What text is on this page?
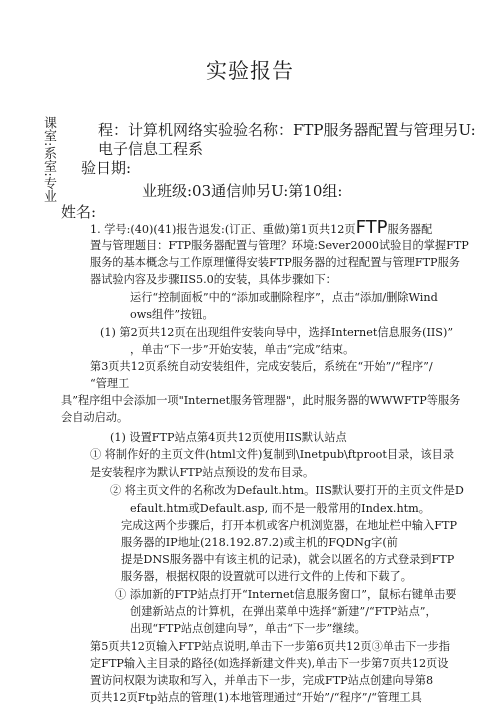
实验报告
课室:系室:专业	程：计算机网络实验验名称：FTP服务器配置与管理另U:
电子信息工程系
验日期:
业班级:03通信帅另U:第10组:
姓名:
1. 学号:(40)(41)报告退发:(订正、重做)第1页共12页FTP服务器配
置与管理题目：FTP服务器配置与管理？环境:Sever2000试验目的掌握FTP
服务的基本概念与工作原理懂得安装FTP服务器的过程配置与管理FTP服务
器试验内容及步骤IIS5.0的安装，具体步骤如下：
运行“控制面板”中的“添加或删除程序”，点击“添加/删除Wind
ows组件”按钮。
(1) 第2页共12页在出现组件安装向导中，选择Internet信息服务(IIS)”
，单击“下一步”开始安装，单击“完成”结束。
第3页共12页系统自动安装组件，完成安装后，系统在“开始”/“程序”/
“管理工
具”程序组中会添加一项"Internet服务管理器"，此时服务器的WWWFTP等服务
会自动启动。
(1) 设置FTP站点第4页共12页使用IIS默认站点
① 将制作好的主页文件(html文件)复制到\Inetpub\ftproot目录，该目录
是安装程序为默认FTP站点预设的发布目录。
② 将主页文件的名称改为Default.htm。IIS默认要打开的主页文件是D
efault.htm或Default.asp, 而不是一般常用的Index.htm。
完成这两个步骤后，打开本机或客户机浏览器，在地址栏中输入FTP
服务器的IP地址(218.192.87.2)或主机的FQDNg字(前
提是DNS服务器中有该主机的记录)，就会以匿名的方式登录到FTP
服务器，根据权限的设置就可以进行文件的上传和下载了。
① 添加新的FTP站点打开“Internet信息服务窗口”，鼠标右键单击要
创建新站点的计算机，在弹出菜单中选择“新建”/“FTP站点”，
出现“FTP站点创建向导”，单击“下一步”继续。
第5页共12页输入FTP站点说明,单击下一步第6页共12页③单击下一步指
定FTP输入主目录的路径(如选择新建文件夹),单击下一步第7页共12页设
置访问权限为读取和写入，并单击下一步，完成FTP站点创建向导第8
页共12页Ftp站点的管理(1)本地管理通过“开始”/“程序”/“管理工具
